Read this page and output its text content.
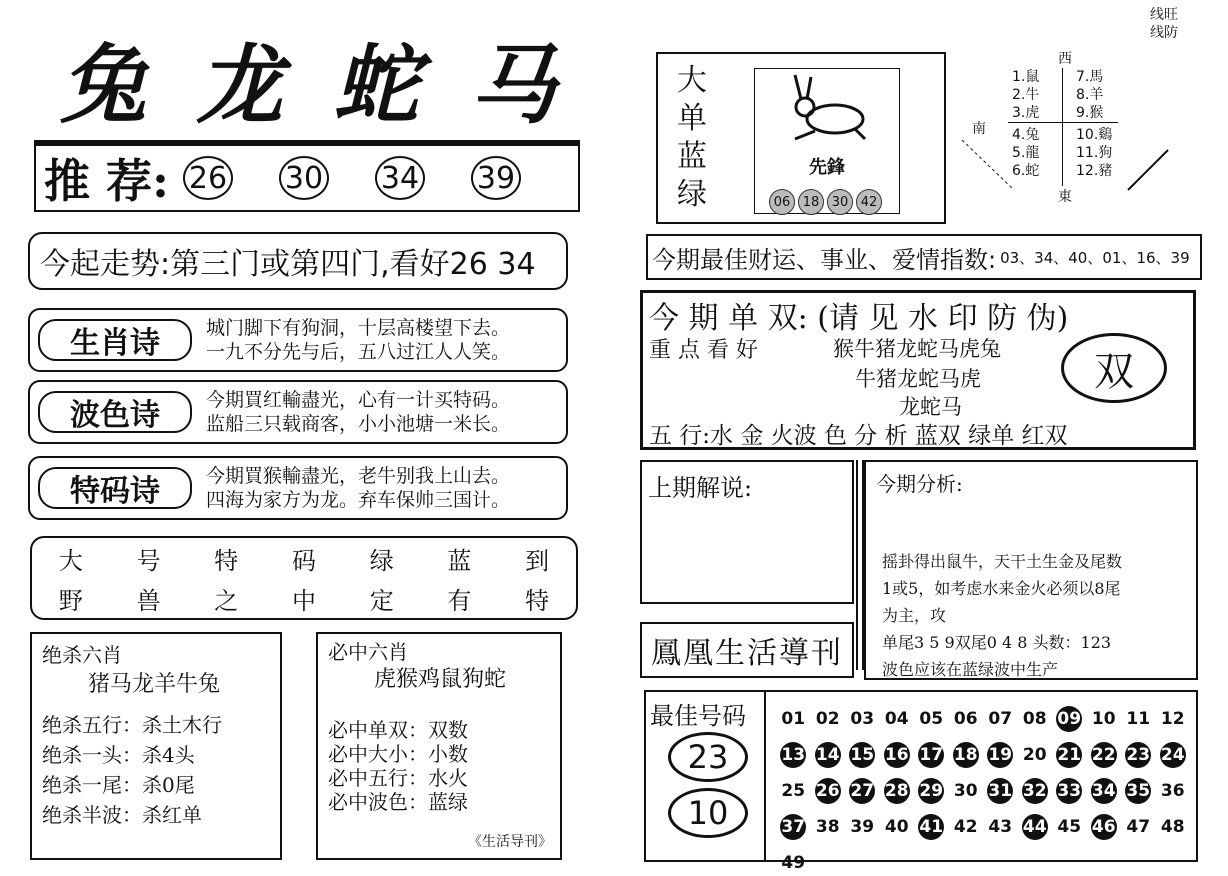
兔 龙 蛇 马
推 荐: 26 30 34 39
今起走势:第三门或第四门,看好26 34
生肖诗	城门脚下有狗洞，十层高楼望下去。
一九不分先与后，五八过江人人笑。
波色诗	今期買红輸盡光，心有一计买特码。
监船三只载商客，小小池塘一米长。
特码诗	今期買猴輸盡光，老牛别我上山去。
四海为家方为龙。弃车保帅三国计。
大	号	特	码	绿	蓝	到
野	兽	之	中	定	有	特
绝杀六肖
猪马龙羊牛兔
绝杀五行：杀土木行
绝杀一头：杀4头
绝杀一尾：杀0尾
绝杀半波：杀红单
必中六肖
虎猴鸡鼠狗蛇
必中单双：双数
必中大小：小数
必中五行：水火
必中波色：蓝绿
《生活导刊》
线旺
线防
大
单
蓝
绿
先鋒
06 18 30 42
西
南
東
1.鼠
2.牛
3.虎
4.兔
5.龍
6.蛇
7.馬
8.羊
9.猴
10.鷄
11.狗
12.豬
今期最佳财运、事业、爱情指数: 03、34、40、01、16、39
今 期 单 双: (请 见 水 印 防 伪)
重 点 看 好	猴牛猪龙蛇马虎兔
牛猪龙蛇马虎
龙蛇马
双
五 行:水 金 火波 色 分 析 蓝双 绿单 红双
上期解说:	今期分析:
摇卦得出鼠牛，天干土生金及尾数
1或5，如考虑水来金火必须以8尾
为主，攻
单尾3 5 9双尾0 4 8 头数：123
波色应该在蓝绿波中生产
鳳凰生活導刊
最佳号码
23
10
01 02 03 04 05 06 07 08 09 10 11 12
13 14 15 16 17 18 19 20 21 22 23 24
25 26 27 28 29 30 31 32 33 34 35 36
37 38 39 40 41 42 43 44 45 46 47 48
49
